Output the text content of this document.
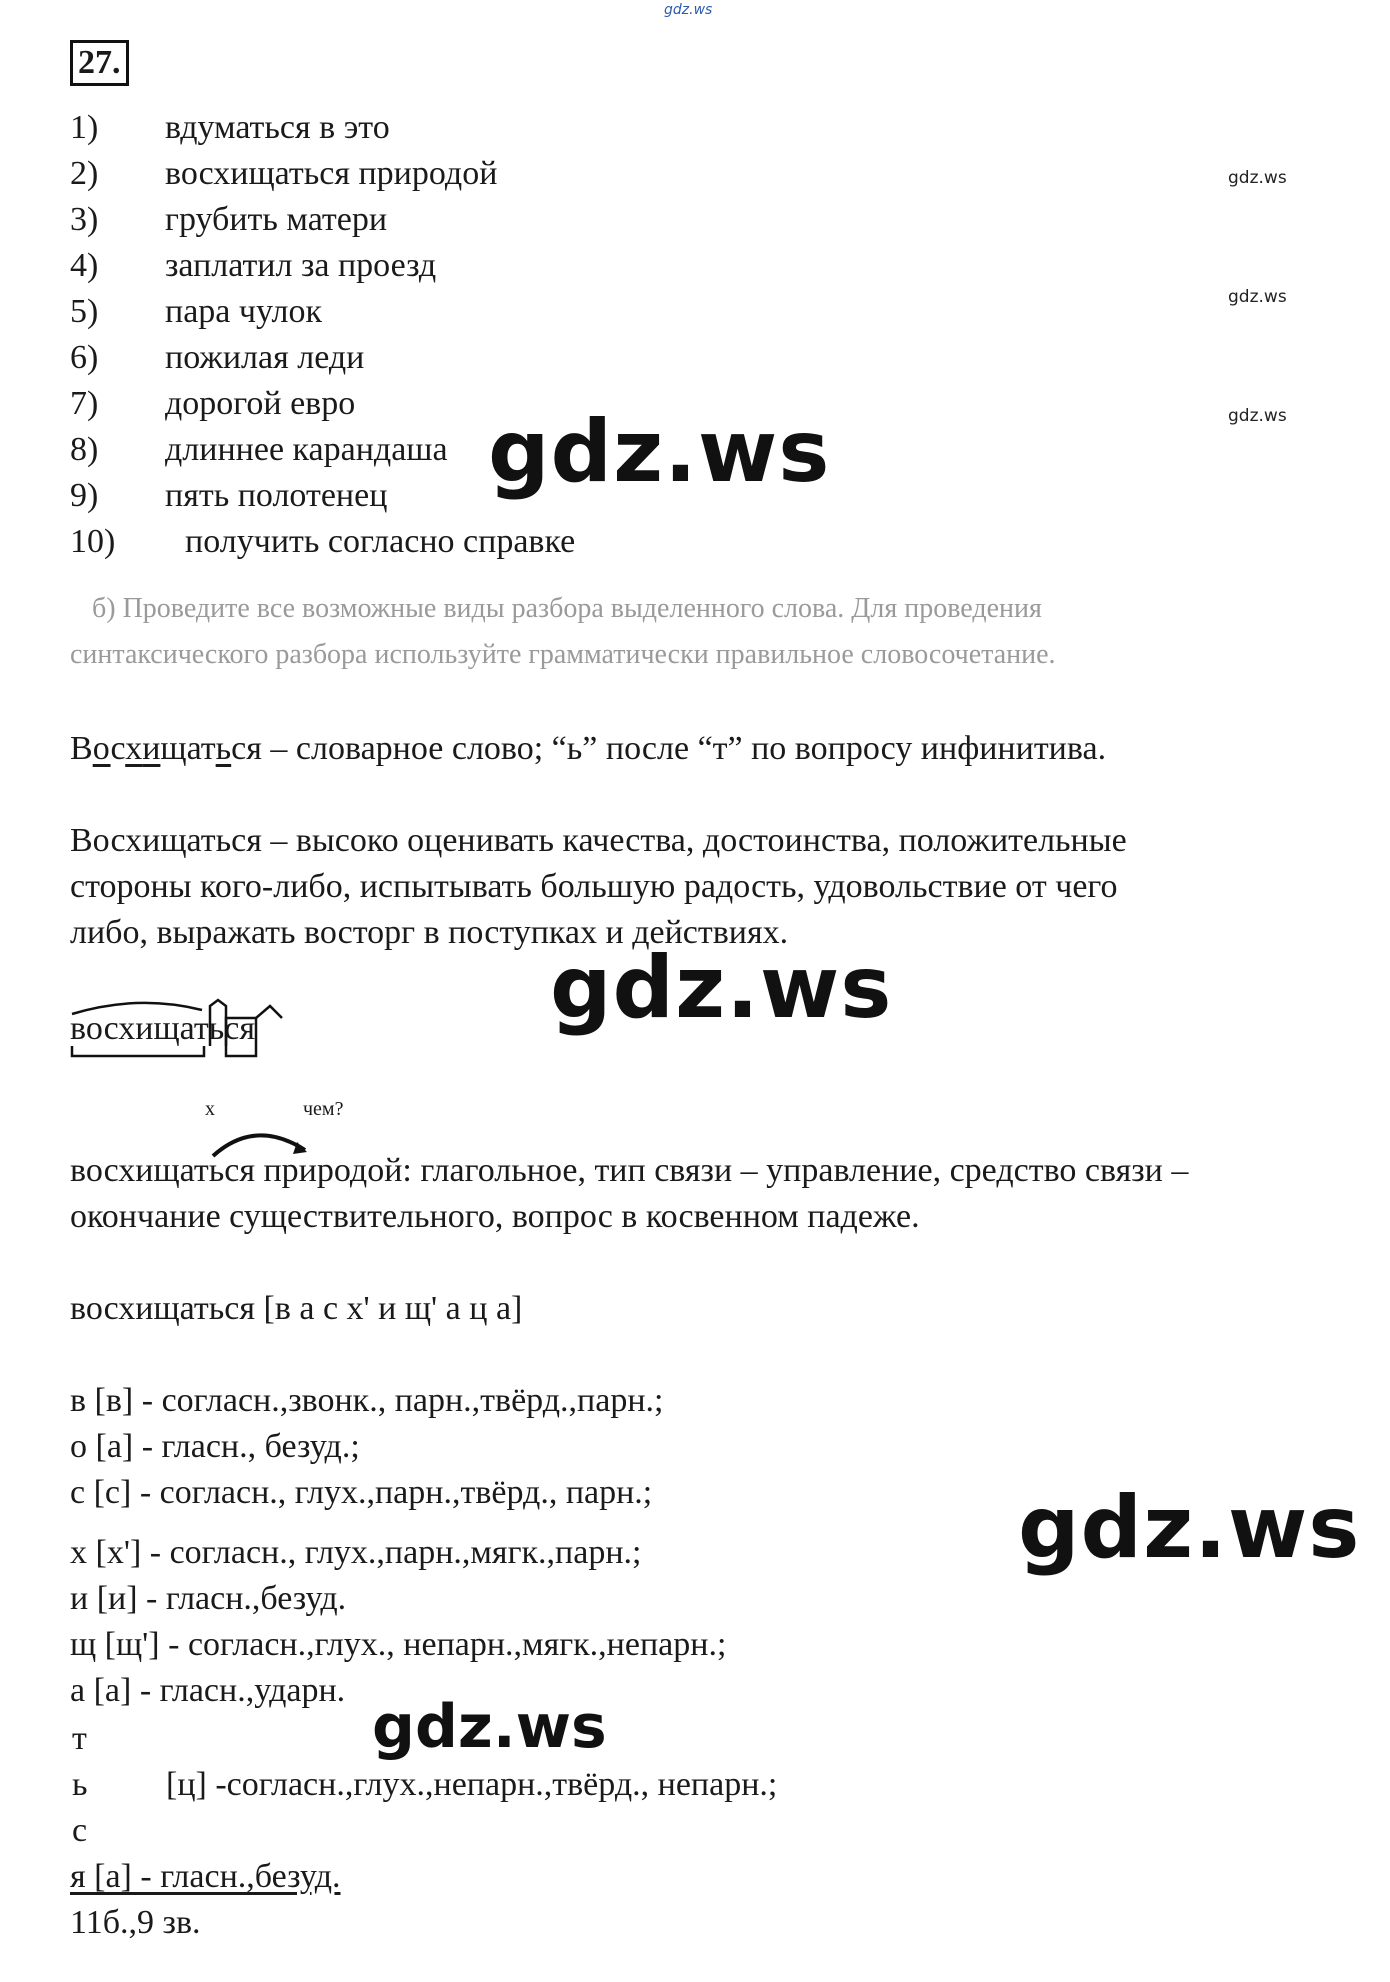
gdz.ws
27.
1) вдуматься в это
2) восхищаться природой
3) грубить матери
4) заплатил за проезд
5) пара чулок
6) пожилая леди
7) дорогой евро
8) длиннее карандаша
9) пять полотенец
10) получить согласно справке
gdz.ws
gdz.ws
gdz.ws
gdz.ws
б) Проведите все возможные виды разбора выделенного слова. Для проведения
синтаксического разбора используйте грамматически правильное словосочетание.
Восхищаться – словарное слово; “ь” после “т” по вопросу инфинитива.
Восхищаться – высоко оценивать качества, достоинства, положительные
стороны кого-либо, испытывать большую радость, удовольствие от чего
либо, выражать восторг в поступках и действиях.
gdz.ws
восхищаться
х	чем?
восхищаться природой: глагольное, тип связи – управление, средство связи –
окончание существительного, вопрос в косвенном падеже.
восхищаться [в а с х' и щ' а ц а]
в [в] - согласн.,звонк., парн.,твёрд.,парн.;
о [а] - гласн., безуд.;
с [с] - согласн., глух.,парн.,твёрд., парн.;
х [х'] - согласн., глух.,парн.,мягк.,парн.;
и [и] - гласн.,безуд.
щ [щ'] - согласн.,глух., непарн.,мягк.,непарн.;
а [а] - гласн.,ударн.
gdz.ws
gdz.ws
т
ь
с
[ц] -согласн.,глух.,непарн.,твёрд., непарн.;
я [а] - гласн.,безуд.
11б.,9 зв.
